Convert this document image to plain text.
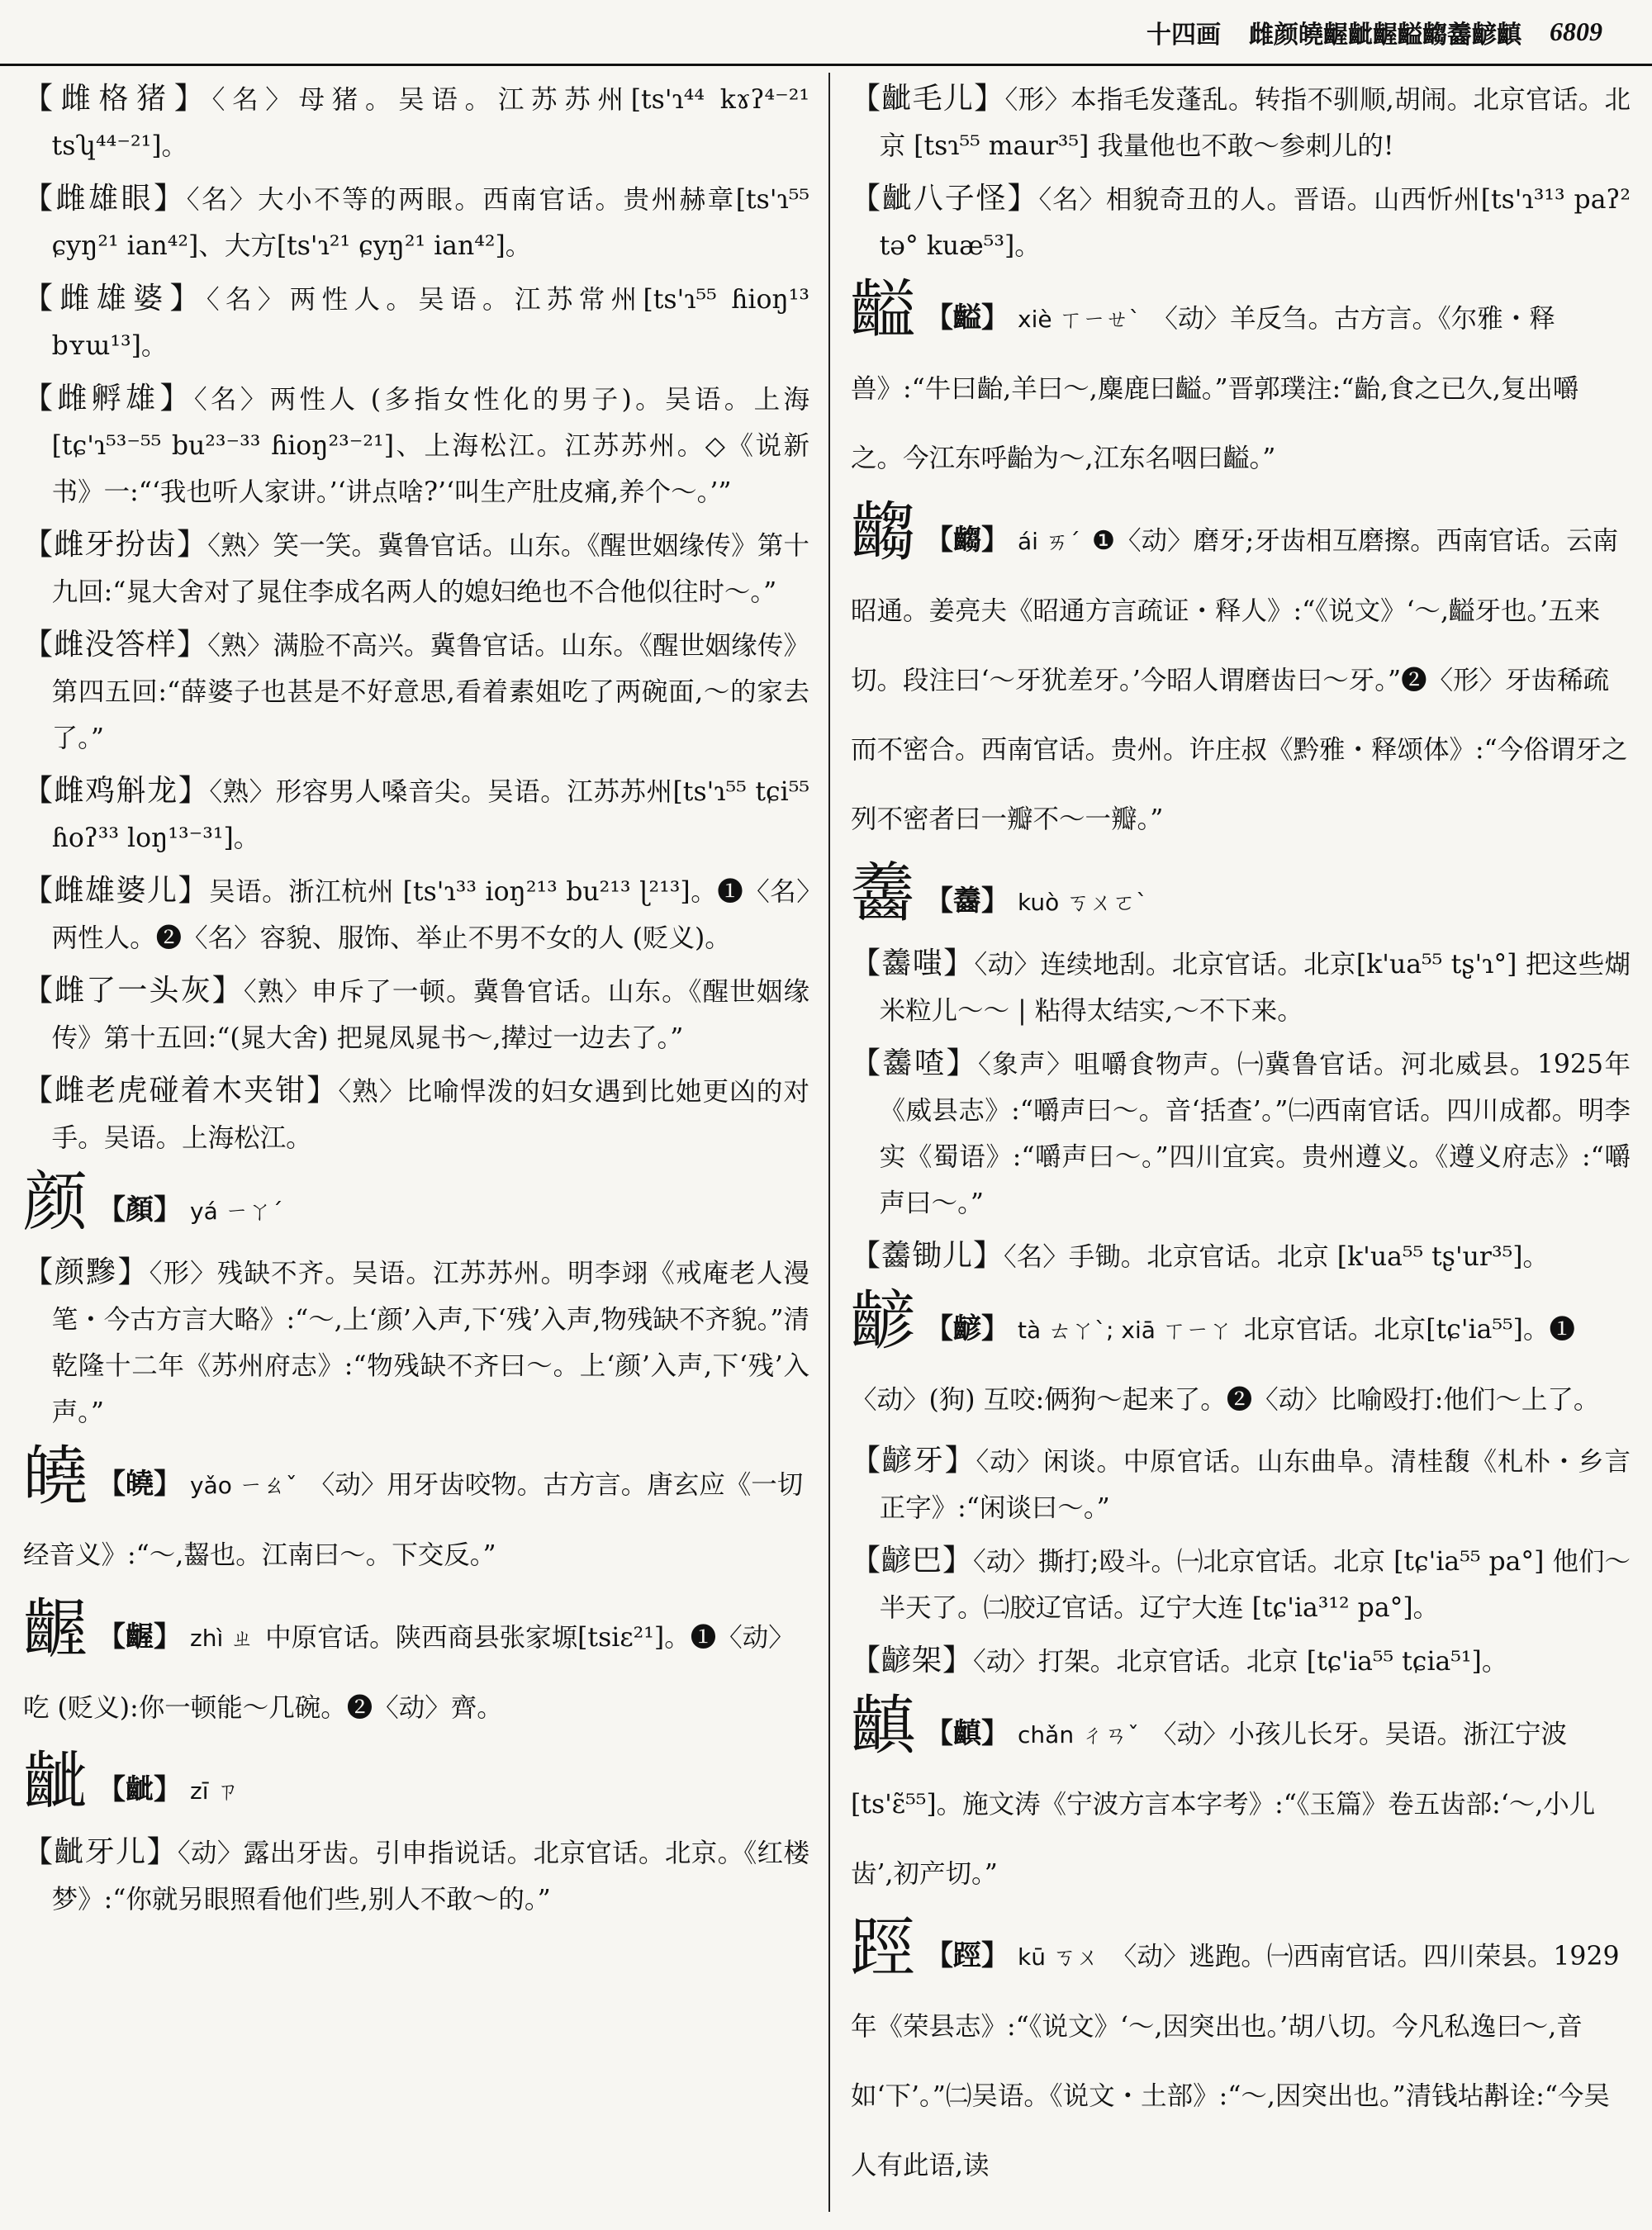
十四画 雌颜皢齷齜齷齸齺齹齴齻 6809
【雌格猪】〈名〉母猪。吴语。江苏苏州[ts'ɿ⁴⁴ kɤʔ⁴⁻²¹ tsʮ⁴⁴⁻²¹]。
【雌雄眼】〈名〉大小不等的两眼。西南官话。贵州赫章[ts'ɿ⁵⁵ ɕyŋ²¹ ian⁴²]、大方[ts'ɿ²¹ ɕyŋ²¹ ian⁴²]。
【雌雄婆】〈名〉两性人。吴语。江苏常州[ts'ɿ⁵⁵ ɦioŋ¹³ bʏɯ¹³]。
【雌孵雄】〈名〉两性人 (多指女性化的男子)。吴语。上海[tɕ'ɿ⁵³⁻⁵⁵ bu²³⁻³³ ɦioŋ²³⁻²¹]、上海松江。江苏苏州。◇《说新书》一:“‘我也听人家讲。’‘讲点啥?’‘叫生产肚皮痛,养个～。’”
【雌牙扮齿】〈熟〉笑一笑。冀鲁官话。山东。《醒世姻缘传》第十九回:“晁大舍对了晁住李成名两人的媳妇绝也不合他似往时～。”
【雌没答样】〈熟〉满脸不高兴。冀鲁官话。山东。《醒世姻缘传》第四五回:“薛婆子也甚是不好意思,看着素姐吃了两碗面,～的家去了。”
【雌鸡斛龙】〈熟〉形容男人嗓音尖。吴语。江苏苏州[ts'ɿ⁵⁵ tɕi⁵⁵ ɦoʔ³³ loŋ¹³⁻³¹]。
【雌雄婆儿】吴语。浙江杭州 [ts'ɿ³³ ioŋ²¹³ bu²¹³ ɭ²¹³]。❶〈名〉两性人。❷〈名〉容貌、服饰、举止不男不女的人 (贬义)。
【雌了一头灰】〈熟〉申斥了一顿。冀鲁官话。山东。《醒世姻缘传》第十五回:“(晁大舍) 把晁凤晁书～,撵过一边去了。”
【雌老虎碰着木夹钳】〈熟〉比喻悍泼的妇女遇到比她更凶的对手。吴语。上海松江。
颜 【顏】 yá ㄧㄚˊ
【颜黲】〈形〉残缺不齐。吴语。江苏苏州。明李翊《戒庵老人漫笔・今古方言大略》:“～,上‘颜’入声,下‘残’入声,物残缺不齐貌。”清乾隆十二年《苏州府志》:“物残缺不齐曰～。上‘颜’入声,下‘残’入声。”
皢 【皢】 yǎo ㄧㄠˇ 〈动〉用牙齿咬物。古方言。唐玄应《一切经音义》:“～,齧也。江南曰～。下交反。”
齷 【齷】 zhì ㄓ 中原官话。陕西商县张家塬[tsiɛ²¹]。❶〈动〉吃 (贬义):你一顿能～几碗。❷〈动〉齊。
齜 【齜】 zī ㄗ
【齜牙儿】〈动〉露出牙齿。引申指说话。北京官话。北京。《红楼梦》:“你就另眼照看他们些,别人不敢～的。”
【齜毛儿】〈形〉本指毛发蓬乱。转指不驯顺,胡闹。北京官话。北京 [tsɿ⁵⁵ maur³⁵] 我量他也不敢～参刺儿的!
【齜八子怪】〈名〉相貌奇丑的人。晋语。山西忻州[ts'ɿ³¹³ paʔ² tə° kuæ⁵³]。
齸 【齸】 xiè ㄒㄧㄝˋ 〈动〉羊反刍。古方言。《尔雅・释兽》:“牛曰齝,羊曰～,麋鹿曰齸。”晋郭璞注:“齝,食之已久,复出嚼之。今江东呼齝为～,江东名咽曰齸。”
齺 【齺】 ái ㄞˊ ❶〈动〉磨牙;牙齿相互磨擦。西南官话。云南昭通。姜亮夫《昭通方言疏证・释人》:“《说文》‘～,齸牙也。’五来切。段注曰‘～牙犹差牙。’今昭人谓磨齿曰～牙。”❷〈形〉牙齿稀疏而不密合。西南官话。贵州。许庄叔《黔雅・释颂体》:“今俗谓牙之列不密者曰一瓣不～一瓣。”
齹 【齹】 kuò ㄎㄨㄛˋ
【齹嗤】〈动〉连续地刮。北京官话。北京[k'ua⁵⁵ tʂ'ɿ°] 把这些煳米粒儿～～ | 粘得太结实,～不下来。
【齹喳】〈象声〉咀嚼食物声。㈠冀鲁官话。河北威县。1925年《威县志》:“嚼声曰～。音‘括查’。”㈡西南官话。四川成都。明李实《蜀语》:“嚼声曰～。”四川宜宾。贵州遵义。《遵义府志》:“嚼声曰～。”
【齹锄儿】〈名〉手锄。北京官话。北京 [k'ua⁵⁵ tʂ'ur³⁵]。
齴 【齴】 tà ㄊㄚˋ; xiā ㄒㄧㄚ 北京官话。北京[tɕ'ia⁵⁵]。❶〈动〉(狗) 互咬:俩狗～起来了。❷〈动〉比喻殴打:他们～上了。
【齴牙】〈动〉闲谈。中原官话。山东曲阜。清桂馥《札朴・乡言正字》:“闲谈曰～。”
【齴巴】〈动〉撕打;殴斗。㈠北京官话。北京 [tɕ'ia⁵⁵ pa°] 他们～半天了。㈡胶辽官话。辽宁大连 [tɕ'ia³¹² pa°]。
【齴架】〈动〉打架。北京官话。北京 [tɕ'ia⁵⁵ tɕia⁵¹]。
齻 【齻】 chǎn ㄔㄢˇ 〈动〉小孩儿长牙。吴语。浙江宁波[ts'ɛ̃⁵⁵]。施文涛《宁波方言本字考》:“《玉篇》卷五齿部:‘～,小儿齿’,初产切。”
踁 【踁】 kū ㄎㄨ 〈动〉逃跑。㈠西南官话。四川荣县。1929年《荣县志》:“《说文》‘～,因突出也。’胡八切。今凡私逸曰～,音如‘下’。”㈡吴语。《说文・土部》:“～,因突出也。”清钱坫斠诠:“今吴人有此语,读
